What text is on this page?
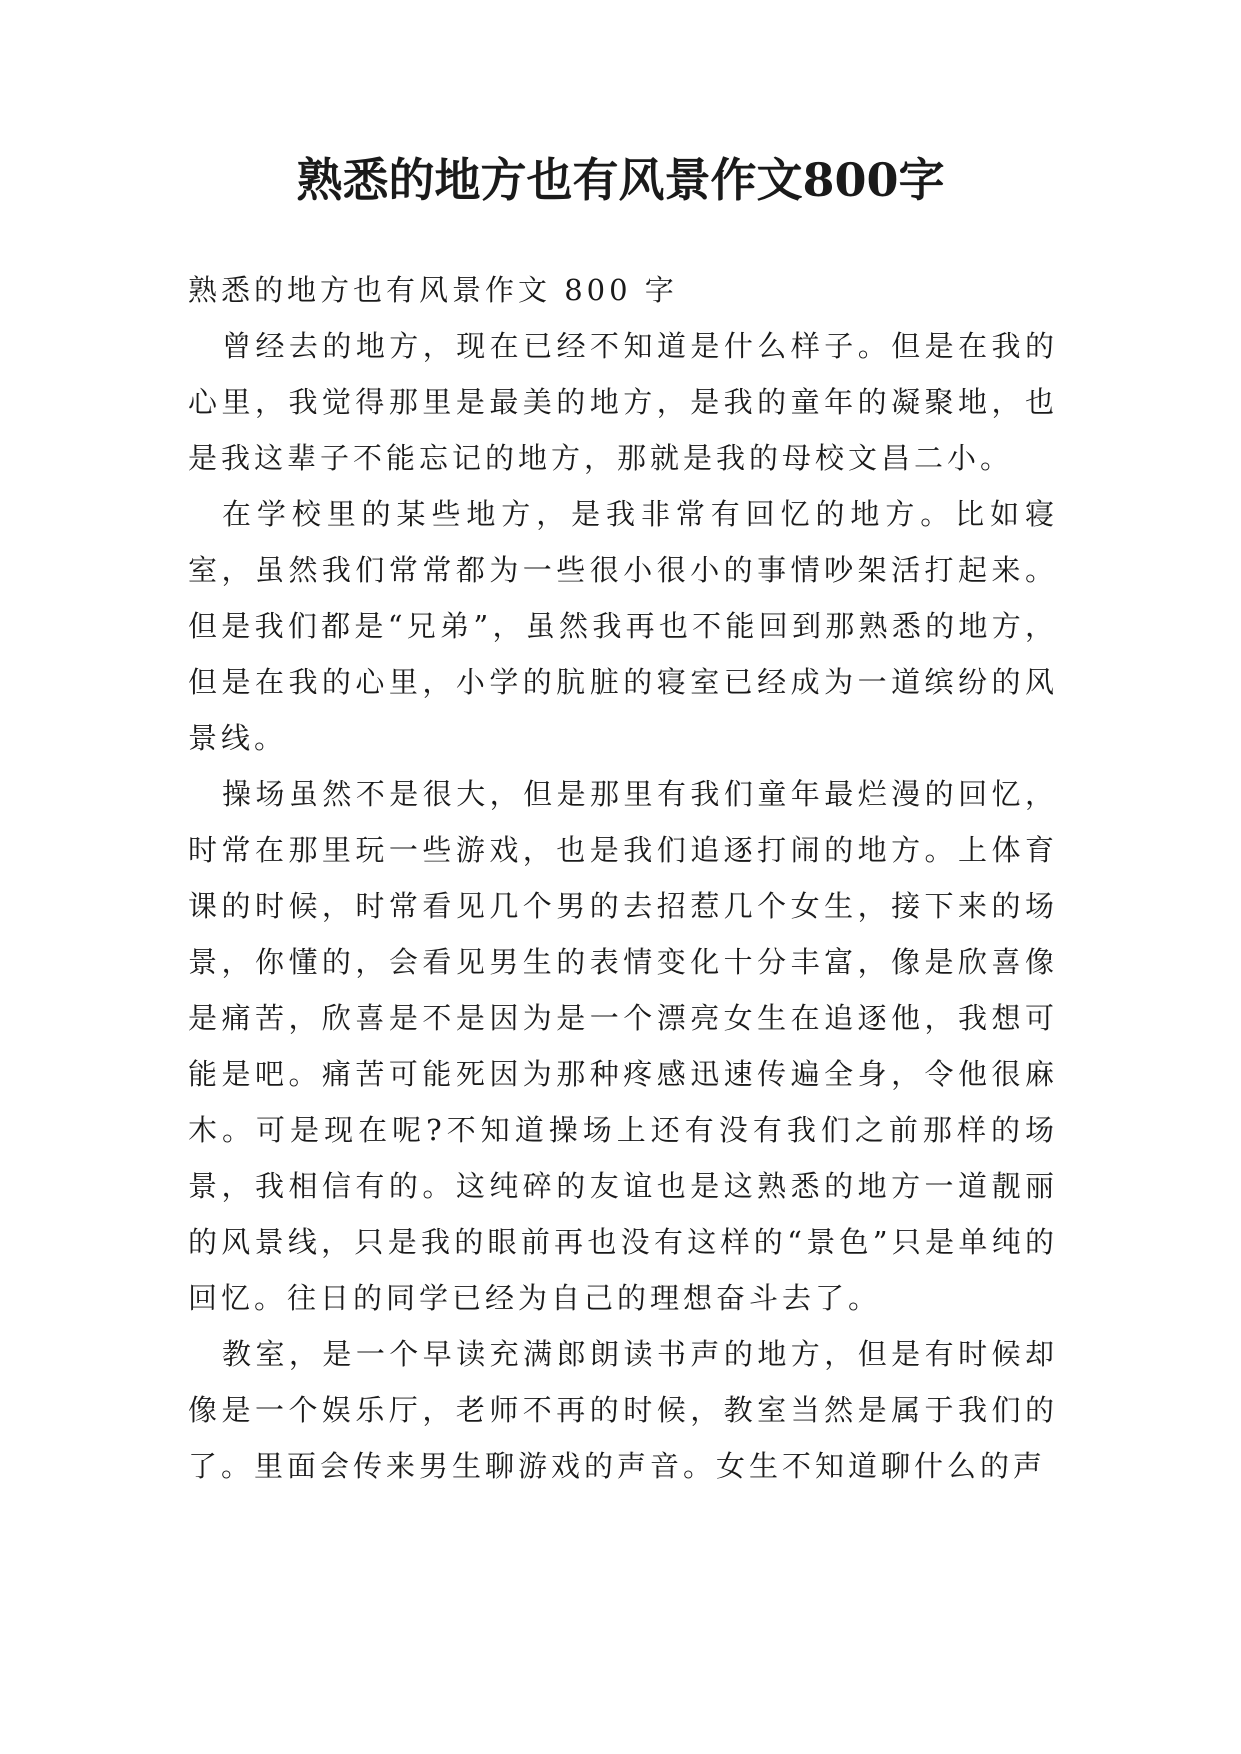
熟悉的地方也有风景作文800字
熟悉的地方也有风景作文 800 字

曾经去的地方，现在已经不知道是什么样子。但是在我的心里，我觉得那里是最美的地方，是我的童年的凝聚地，也是我这辈子不能忘记的地方，那就是我的母校文昌二小。

在学校里的某些地方，是我非常有回忆的地方。比如寝室，虽然我们常常都为一些很小很小的事情吵架活打起来。但是我们都是“兄弟”，虽然我再也不能回到那熟悉的地方，但是在我的心里，小学的肮脏的寝室已经成为一道缤纷的风景线。

操场虽然不是很大，但是那里有我们童年最烂漫的回忆，时常在那里玩一些游戏，也是我们追逐打闹的地方。上体育课的时候，时常看见几个男的去招惹几个女生，接下来的场景，你懂的，会看见男生的表情变化十分丰富，像是欣喜像是痛苦，欣喜是不是因为是一个漂亮女生在追逐他，我想可能是吧。痛苦可能死因为那种疼感迅速传遍全身，令他很麻木。可是现在呢?不知道操场上还有没有我们之前那样的场景，我相信有的。这纯碎的友谊也是这熟悉的地方一道靓丽的风景线，只是我的眼前再也没有这样的“景色”只是单纯的回忆。往日的同学已经为自己的理想奋斗去了。

教室，是一个早读充满郎朗读书声的地方，但是有时候却像是一个娱乐厅，老师不再的时候，教室当然是属于我们的了。里面会传来男生聊游戏的声音。女生不知道聊什么的声
